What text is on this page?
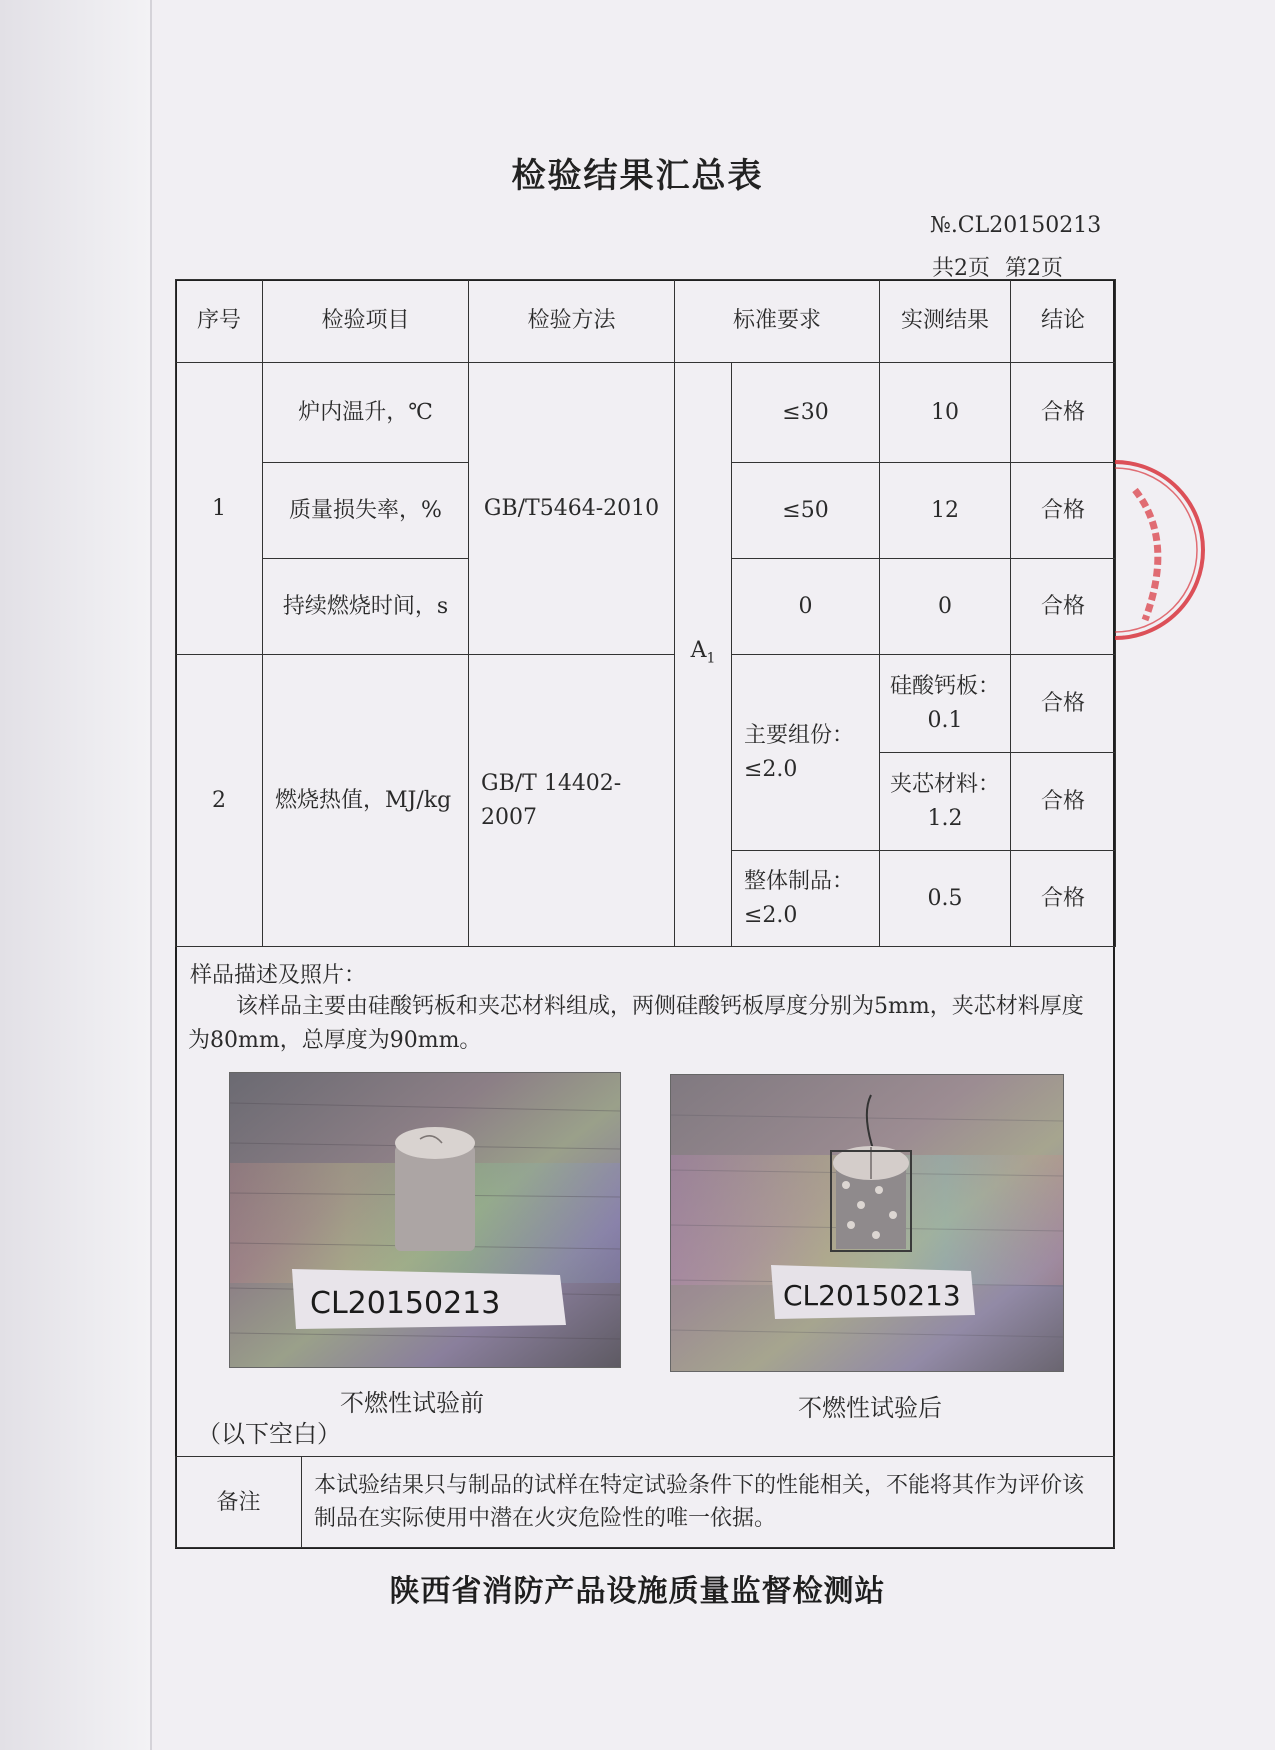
检验结果汇总表
№.CL20150213
共2页 第2页
序号	检验项目	检验方法	标准要求		实测结果	结论
1	炉内温升，℃	GB/T5464-2010	$A_1$	≤30	10	合格
	质量损失率，%			≤50	12	合格
	持续燃烧时间，s			0	0	合格
2	燃烧热值，MJ/kg	GB/T 14402-2007		主要组份：≤2.0	硅酸钙板：0.1	合格
					夹芯材料：1.2	合格
				整体制品：≤2.0	0.5	合格
样品描述及照片：
该样品主要由硅酸钙板和夹芯材料组成，两侧硅酸钙板厚度分别为5mm，夹芯材料厚度为80mm，总厚度为90mm。
CL20150213	CL20150213
不燃性试验前	不燃性试验后
（以下空白）
备注	本试验结果只与制品的试样在特定试验条件下的性能相关，不能将其作为评价该制品在实际使用中潜在火灾危险性的唯一依据。
陕西省消防产品设施质量监督检测站
